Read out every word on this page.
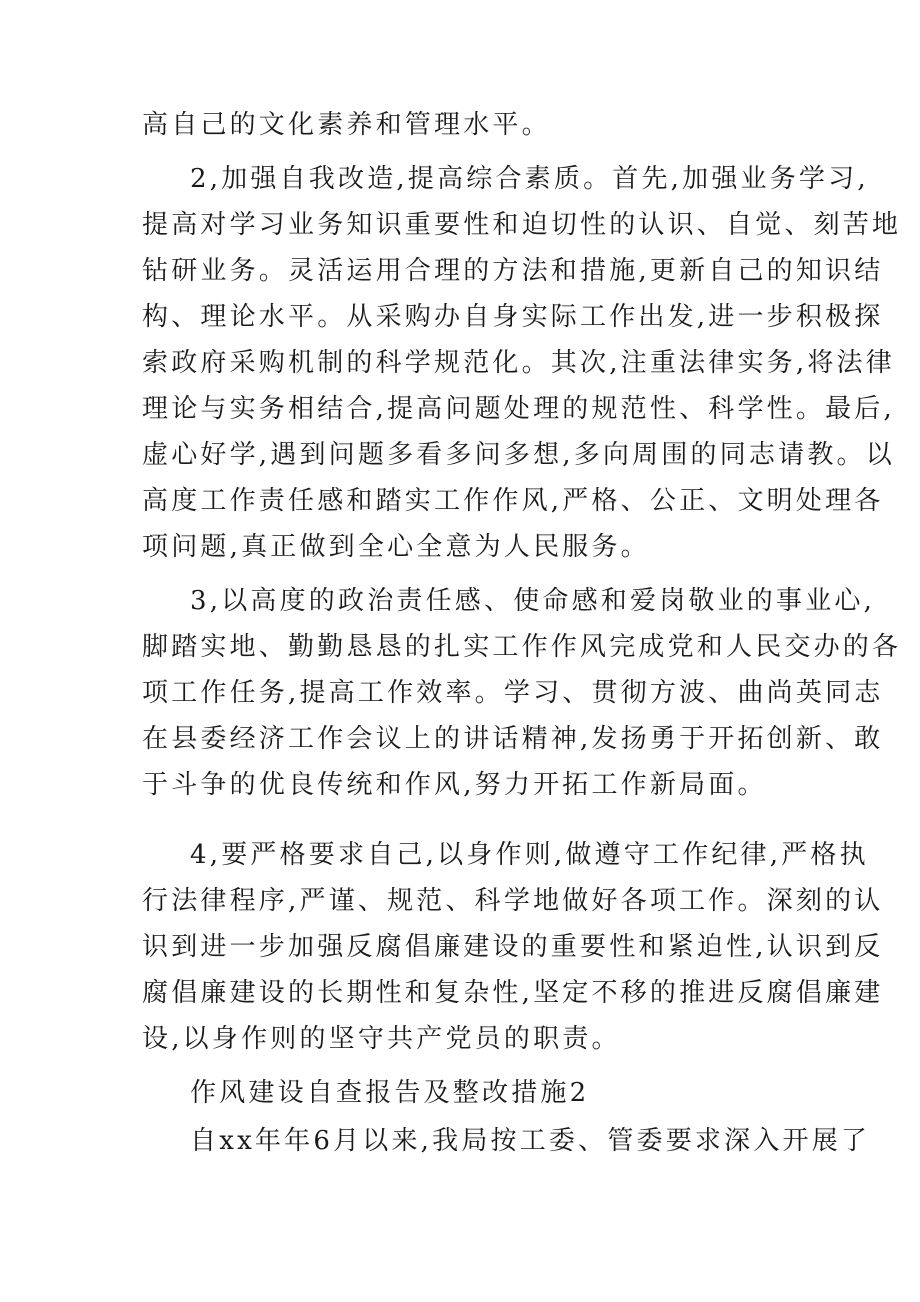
高自己的文化素养和管理水平。
2,加强自我改造,提高综合素质。首先,加强业务学习,
提高对学习业务知识重要性和迫切性的认识、自觉、刻苦地
钻研业务。灵活运用合理的方法和措施,更新自己的知识结
构、理论水平。从采购办自身实际工作出发,进一步积极探
索政府采购机制的科学规范化。其次,注重法律实务,将法律
理论与实务相结合,提高问题处理的规范性、科学性。最后,
虚心好学,遇到问题多看多问多想,多向周围的同志请教。以
高度工作责任感和踏实工作作风,严格、公正、文明处理各
项问题,真正做到全心全意为人民服务。
3,以高度的政治责任感、使命感和爱岗敬业的事业心,
脚踏实地、勤勤恳恳的扎实工作作风完成党和人民交办的各
项工作任务,提高工作效率。学习、贯彻方波、曲尚英同志
在县委经济工作会议上的讲话精神,发扬勇于开拓创新、敢
于斗争的优良传统和作风,努力开拓工作新局面。
4,要严格要求自己,以身作则,做遵守工作纪律,严格执
行法律程序,严谨、规范、科学地做好各项工作。深刻的认
识到进一步加强反腐倡廉建设的重要性和紧迫性,认识到反
腐倡廉建设的长期性和复杂性,坚定不移的推进反腐倡廉建
设,以身作则的坚守共产党员的职责。
作风建设自查报告及整改措施2
自xx年年6月以来,我局按工委、管委要求深入开展了
